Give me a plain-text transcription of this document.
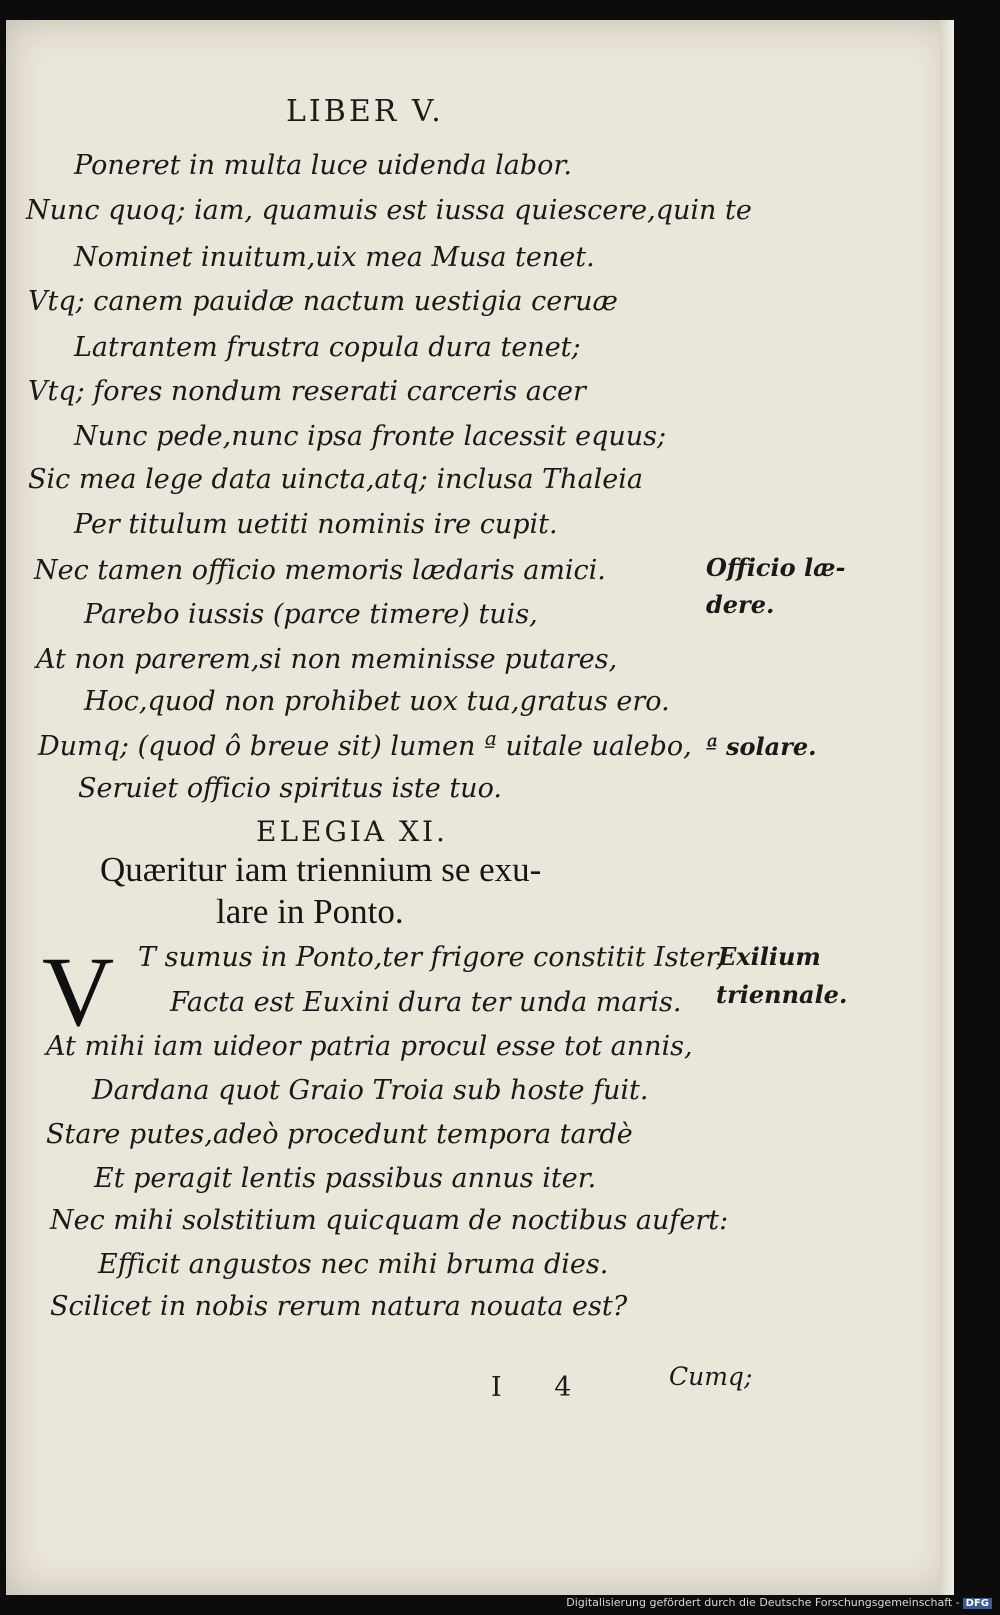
LIBER V.
Poneret in multa luce uidenda labor.
Nunc quoq; iam, quamuis est iussa quiescere,quin te
Nominet inuitum,uix mea Musa tenet.
Vtq; canem pauidæ nactum uestigia ceruæ
Latrantem frustra copula dura tenet;
Vtq; fores nondum reserati carceris acer
Nunc pede,nunc ipsa fronte lacessit equus;
Sic mea lege data uincta,atq; inclusa Thaleia
Per titulum uetiti nominis ire cupit.
Nec tamen officio memoris lædaris amici.
Parebo iussis (parce timere) tuis,
At non parerem,si non meminisse putares,
Hoc,quod non prohibet uox tua,gratus ero.
Dumq; (quod ô breue sit) lumen ª uitale ualebo,
Seruiet officio spiritus iste tuo.
ELEGIA XI.
Quæritur iam triennium se exu-
lare in Ponto.
V T sumus in Ponto,ter frigore constitit Ister,
Facta est Euxini dura ter unda maris.
At mihi iam uideor patria procul esse tot annis,
Dardana quot Graio Troia sub hoste fuit.
Stare putes,adeò procedunt tempora tardè
Et peragit lentis passibus annus iter.
Nec mihi solstitium quicquam de noctibus aufert:
Efficit angustos nec mihi bruma dies.
Scilicet in nobis rerum natura nouata est?
Officio læ-
dere.
ª solare.
Exilium
triennale.
I 4	Cumq;
Digitalisierung gefördert durch die Deutsche Forschungsgemeinschaft - DFG
